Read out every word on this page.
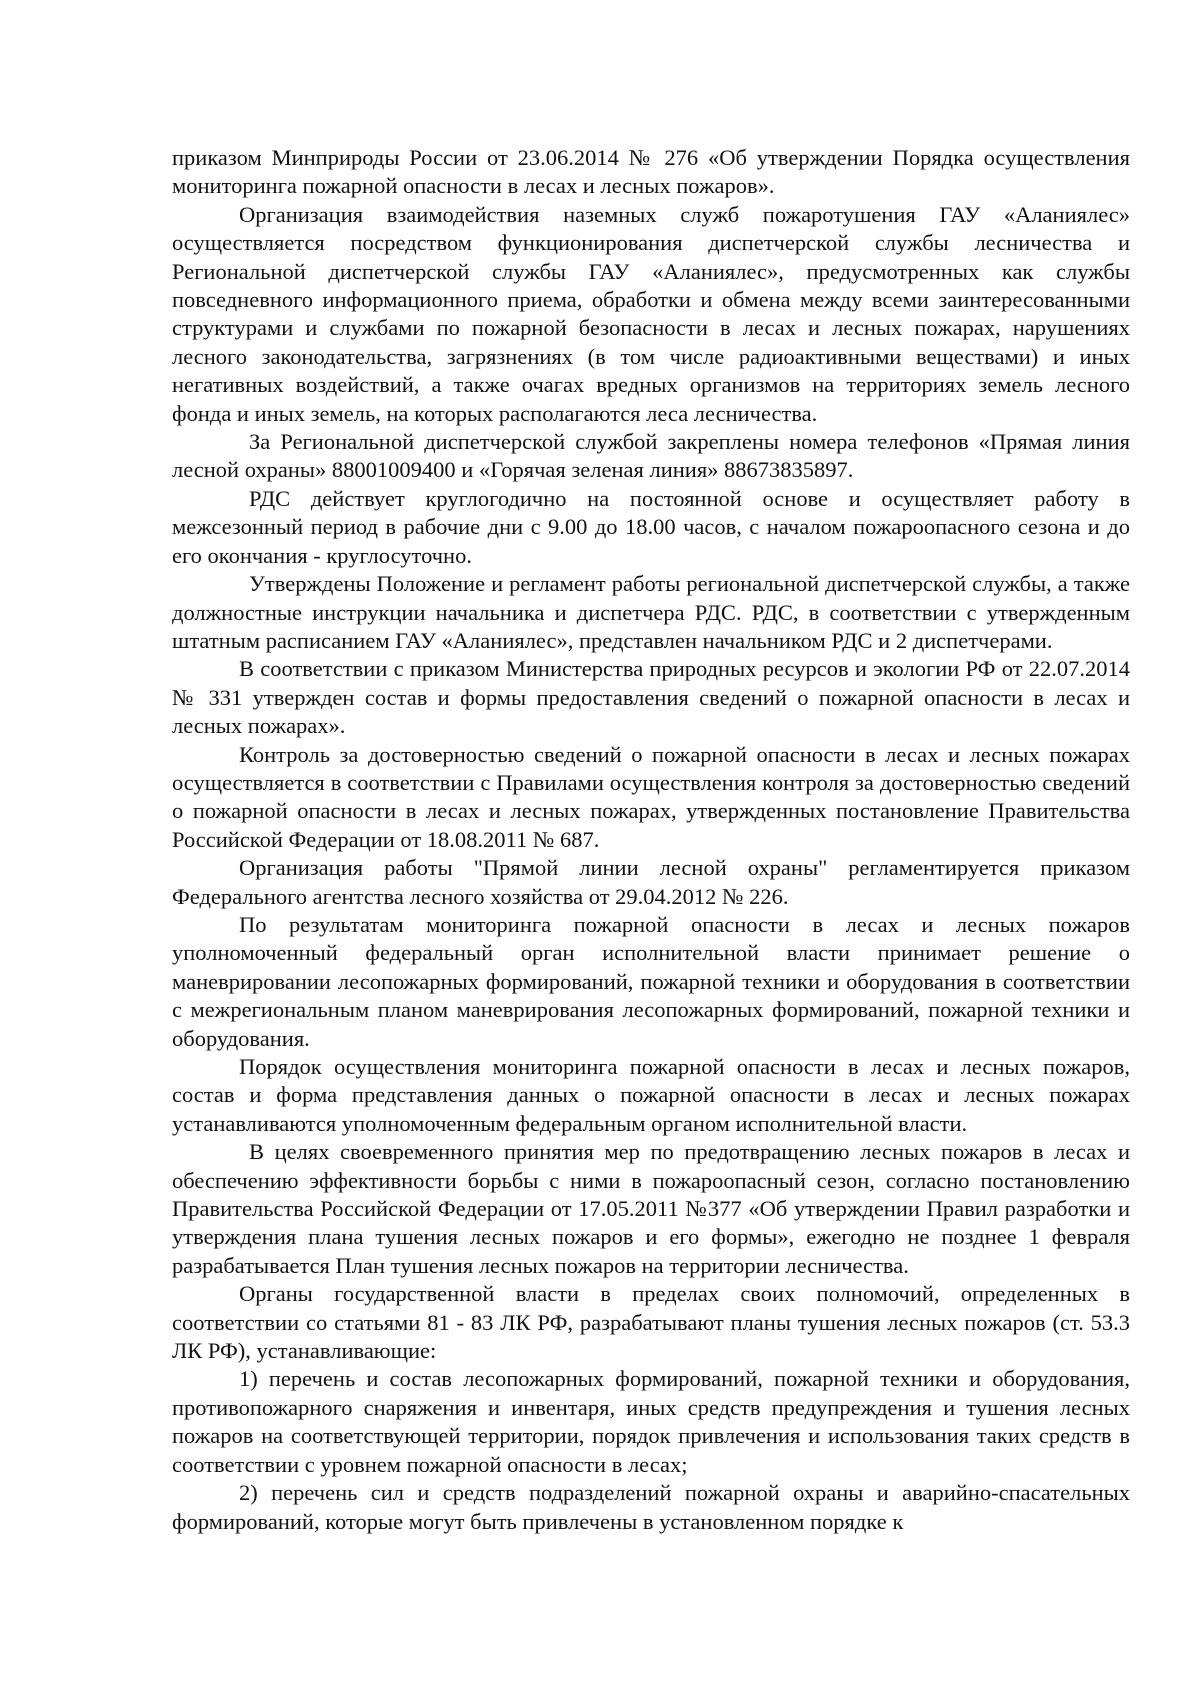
приказом Минприроды России от 23.06.2014 № 276 «Об утверждении Порядка осуществления мониторинга пожарной опасности в лесах и лесных пожаров».

Организация взаимодействия наземных служб пожаротушения ГАУ «Аланиялес» осуществляется посредством функционирования диспетчерской службы лесничества и Региональной диспетчерской службы ГАУ «Аланиялес», предусмотренных как службы повседневного информационного приема, обработки и обмена между всеми заинтересованными структурами и службами по пожарной безопасности в лесах и лесных пожарах, нарушениях лесного законодательства, загрязнениях (в том числе радиоактивными веществами) и иных негативных воздействий, а также очагах вредных организмов на территориях земель лесного фонда и иных земель, на которых располагаются леса лесничества.

За Региональной диспетчерской службой закреплены номера телефонов «Прямая линия лесной охраны» 88001009400 и «Горячая зеленая линия» 88673835897.

РДС действует круглогодично на постоянной основе и осуществляет работу в межсезонный период в рабочие дни с 9.00 до 18.00 часов, с началом пожароопасного сезона и до его окончания - круглосуточно.

Утверждены Положение и регламент работы региональной диспетчерской службы, а также должностные инструкции начальника и диспетчера РДС. РДС, в соответствии с утвержденным штатным расписанием ГАУ «Аланиялес», представлен начальником РДС и 2 диспетчерами.

В соответствии с приказом Министерства природных ресурсов и экологии РФ от 22.07.2014 № 331 утвержден состав и формы предоставления сведений о пожарной опасности в лесах и лесных пожарах».

Контроль за достоверностью сведений о пожарной опасности в лесах и лесных пожарах осуществляется в соответствии с Правилами осуществления контроля за достоверностью сведений о пожарной опасности в лесах и лесных пожарах, утвержденных постановление Правительства Российской Федерации от 18.08.2011 № 687.

Организация работы "Прямой линии лесной охраны" регламентируется приказом Федерального агентства лесного хозяйства от 29.04.2012 № 226.

По результатам мониторинга пожарной опасности в лесах и лесных пожаров уполномоченный федеральный орган исполнительной власти принимает решение о маневрировании лесопожарных формирований, пожарной техники и оборудования в соответствии с межрегиональным планом маневрирования лесопожарных формирований, пожарной техники и оборудования.

Порядок осуществления мониторинга пожарной опасности в лесах и лесных пожаров, состав и форма представления данных о пожарной опасности в лесах и лесных пожарах устанавливаются уполномоченным федеральным органом исполнительной власти.

В целях своевременного принятия мер по предотвращению лесных пожаров в лесах и обеспечению эффективности борьбы с ними в пожароопасный сезон, согласно постановлению Правительства Российской Федерации от 17.05.2011 №377 «Об утверждении Правил разработки и утверждения плана тушения лесных пожаров и его формы», ежегодно не позднее 1 февраля разрабатывается План тушения лесных пожаров на территории лесничества.

Органы государственной власти в пределах своих полномочий, определенных в соответствии со статьями 81 - 83 ЛК РФ, разрабатывают планы тушения лесных пожаров (ст. 53.3 ЛК РФ), устанавливающие:

1) перечень и состав лесопожарных формирований, пожарной техники и оборудования, противопожарного снаряжения и инвентаря, иных средств предупреждения и тушения лесных пожаров на соответствующей территории, порядок привлечения и использования таких средств в соответствии с уровнем пожарной опасности в лесах;

2) перечень сил и средств подразделений пожарной охраны и аварийно-спасательных формирований, которые могут быть привлечены в установленном порядке к
